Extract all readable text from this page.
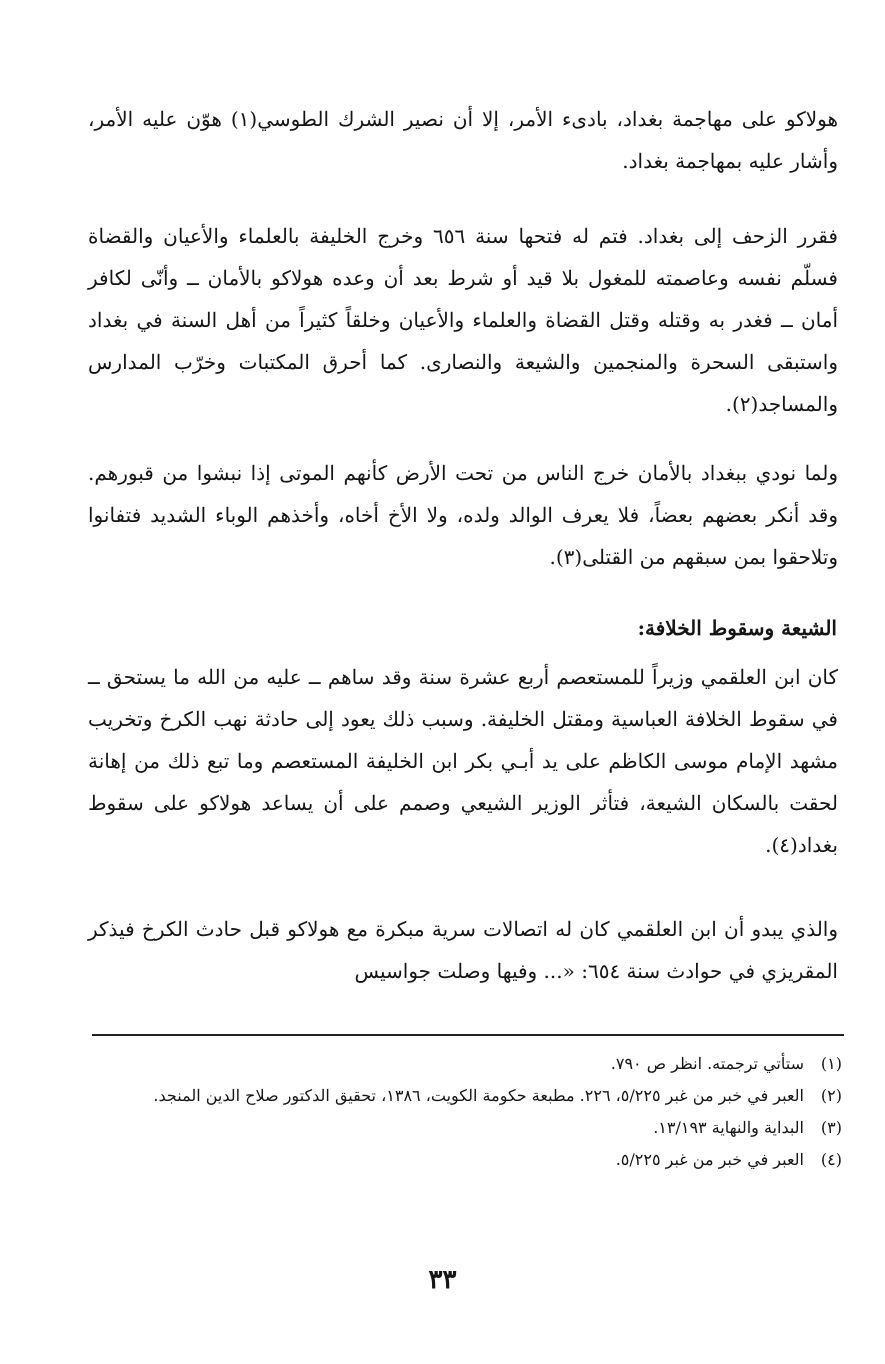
هولاكو على مهاجمة بغداد، بادىء الأمر، إلا أن نصير الشرك الطوسي(١) هوّن عليه الأمر، وأشار عليه بمهاجمة بغداد.

فقرر الزحف إلى بغداد. فتم له فتحها سنة ٦٥٦ وخرج الخليفة بالعلماء والأعيان والقضاة فسلّم نفسه وعاصمته للمغول بلا قيد أو شرط بعد أن وعده هولاكو بالأمان ــ وأنّى لكافر أمان ــ فغدر به وقتله وقتل القضاة والعلماء والأعيان وخلقاً كثيراً من أهل السنة في بغداد واستبقى السحرة والمنجمين والشيعة والنصارى. كما أحرق المكتبات وخرّب المدارس والمساجد(٢).

ولما نودي ببغداد بالأمان خرج الناس من تحت الأرض كأنهم الموتى إذا نبشوا من قبورهم. وقد أنكر بعضهم بعضاً، فلا يعرف الوالد ولده، ولا الأخ أخاه، وأخذهم الوباء الشديد فتفانوا وتلاحقوا بمن سبقهم من القتلى(٣).

الشيعة وسقوط الخلافة:

كان ابن العلقمي وزيراً للمستعصم أربع عشرة سنة وقد ساهم ــ عليه من الله ما يستحق ــ في سقوط الخلافة العباسية ومقتل الخليفة. وسبب ذلك يعود إلى حادثة نهب الكرخ وتخريب مشهد الإمام موسى الكاظم على يد أبـي بكر ابن الخليفة المستعصم وما تبع ذلك من إهانة لحقت بالسكان الشيعة، فتأثر الوزير الشيعي وصمم على أن يساعد هولاكو على سقوط بغداد(٤).

والذي يبدو أن ابن العلقمي كان له اتصالات سرية مبكرة مع هولاكو قبل حادث الكرخ فيذكر المقريزي في حوادث سنة ٦٥٤: «... وفيها وصلت جواسيس

(١)
ستأتي ترجمته. انظر ص ٧٩٠.
(٢)
العبر في خبر من غبر ٥/٢٢٥، ٢٢٦. مطبعة حكومة الكويت، ١٣٨٦، تحقيق الدكتور صلاح الدين المنجد.
(٣)
البداية والنهاية ١٣/١٩٣.
(٤)
العبر في خبر من غبر ٥/٢٢٥.
٣٣
